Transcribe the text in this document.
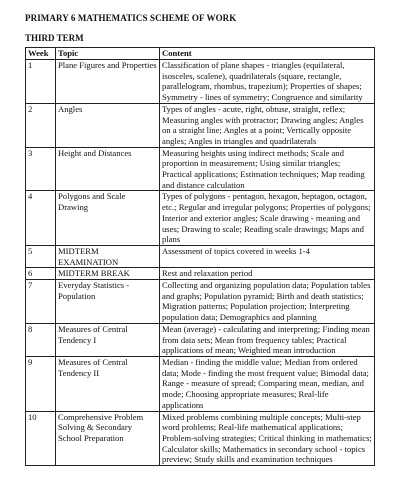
PRIMARY 6 MATHEMATICS SCHEME OF WORK
THIRD TERM
Week	Topic	Content
1	Plane Figures and Properties	Classification of plane shapes - triangles (equilateral, isosceles, scalene), quadrilaterals (square, rectangle, parallelogram, rhombus, trapezium); Properties of shapes; Symmetry - lines of symmetry; Congruence and similarity
2	Angles	Types of angles - acute, right, obtuse, straight, reflex; Measuring angles with protractor; Drawing angles; Angles on a straight line; Angles at a point; Vertically opposite angles; Angles in triangles and quadrilaterals
3	Height and Distances	Measuring heights using indirect methods; Scale and proportion in measurement; Using similar triangles; Practical applications; Estimation techniques; Map reading and distance calculation
4	Polygons and Scale Drawing	Types of polygons - pentagon, hexagon, heptagon, octagon, etc.; Regular and irregular polygons; Properties of polygons; Interior and exterior angles; Scale drawing - meaning and uses; Drawing to scale; Reading scale drawings; Maps and plans
5	MIDTERM EXAMINATION	Assessment of topics covered in weeks 1-4
6	MIDTERM BREAK	Rest and relaxation period
7	Everyday Statistics - Population	Collecting and organizing population data; Population tables and graphs; Population pyramid; Birth and death statistics; Migration patterns; Population projection; Interpreting population data; Demographics and planning
8	Measures of Central Tendency I	Mean (average) - calculating and interpreting; Finding mean from data sets; Mean from frequency tables; Practical applications of mean; Weighted mean introduction
9	Measures of Central Tendency II	Median - finding the middle value; Median from ordered data; Mode - finding the most frequent value; Bimodal data; Range - measure of spread; Comparing mean, median, and mode; Choosing appropriate measures; Real-life applications
10	Comprehensive Problem Solving & Secondary School Preparation	Mixed problems combining multiple concepts; Multi-step word problems; Real-life mathematical applications; Problem-solving strategies; Critical thinking in mathematics; Calculator skills; Mathematics in secondary school - topics preview; Study skills and examination techniques
